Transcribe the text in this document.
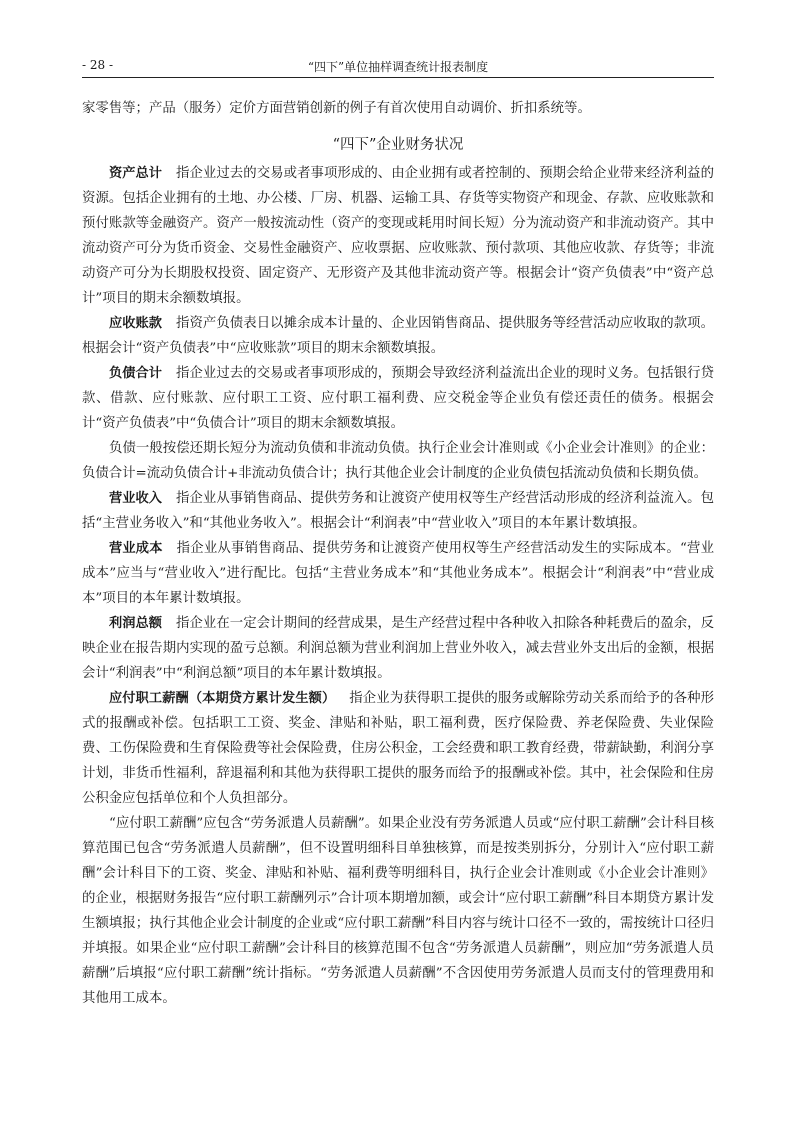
- 28 -	“四下”单位抽样调查统计报表制度

家零售等；产品（服务）定价方面营销创新的例子有首次使用自动调价、折扣系统等。

“四下”企业财务状况

资产总计 指企业过去的交易或者事项形成的、由企业拥有或者控制的、预期会给企业带来经济利益的资源。包括企业拥有的土地、办公楼、厂房、机器、运输工具、存货等实物资产和现金、存款、应收账款和预付账款等金融资产。资产一般按流动性（资产的变现或耗用时间长短）分为流动资产和非流动资产。其中流动资产可分为货币资金、交易性金融资产、应收票据、应收账款、预付款项、其他应收款、存货等；非流动资产可分为长期股权投资、固定资产、无形资产及其他非流动资产等。根据会计“资产负债表”中“资产总计”项目的期末余额数填报。

应收账款 指资产负债表日以摊余成本计量的、企业因销售商品、提供服务等经营活动应收取的款项。根据会计“资产负债表”中“应收账款”项目的期末余额数填报。

负债合计 指企业过去的交易或者事项形成的，预期会导致经济利益流出企业的现时义务。包括银行贷款、借款、应付账款、应付职工工资、应付职工福利费、应交税金等企业负有偿还责任的债务。根据会计“资产负债表”中“负债合计”项目的期末余额数填报。

负债一般按偿还期长短分为流动负债和非流动负债。执行企业会计准则或《小企业会计准则》的企业：负债合计=流动负债合计+非流动负债合计；执行其他企业会计制度的企业负债包括流动负债和长期负债。

营业收入 指企业从事销售商品、提供劳务和让渡资产使用权等生产经营活动形成的经济利益流入。包括“主营业务收入”和“其他业务收入”。根据会计“利润表”中“营业收入”项目的本年累计数填报。

营业成本 指企业从事销售商品、提供劳务和让渡资产使用权等生产经营活动发生的实际成本。“营业成本”应当与“营业收入”进行配比。包括“主营业务成本”和“其他业务成本”。根据会计“利润表”中“营业成本”项目的本年累计数填报。

利润总额 指企业在一定会计期间的经营成果，是生产经营过程中各种收入扣除各种耗费后的盈余，反映企业在报告期内实现的盈亏总额。利润总额为营业利润加上营业外收入，减去营业外支出后的金额，根据会计“利润表”中“利润总额”项目的本年累计数填报。

应付职工薪酬（本期贷方累计发生额） 指企业为获得职工提供的服务或解除劳动关系而给予的各种形式的报酬或补偿。包括职工工资、奖金、津贴和补贴，职工福利费，医疗保险费、养老保险费、失业保险费、工伤保险费和生育保险费等社会保险费，住房公积金，工会经费和职工教育经费，带薪缺勤，利润分享计划，非货币性福利，辞退福利和其他为获得职工提供的服务而给予的报酬或补偿。其中，社会保险和住房公积金应包括单位和个人负担部分。

“应付职工薪酬”应包含“劳务派遣人员薪酬”。如果企业没有劳务派遣人员或“应付职工薪酬”会计科目核算范围已包含“劳务派遣人员薪酬”，但不设置明细科目单独核算，而是按类别拆分，分别计入“应付职工薪酬”会计科目下的工资、奖金、津贴和补贴、福利费等明细科目，执行企业会计准则或《小企业会计准则》的企业，根据财务报告“应付职工薪酬列示”合计项本期增加额，或会计“应付职工薪酬”科目本期贷方累计发生额填报；执行其他企业会计制度的企业或“应付职工薪酬”科目内容与统计口径不一致的，需按统计口径归并填报。如果企业“应付职工薪酬”会计科目的核算范围不包含“劳务派遣人员薪酬”，则应加“劳务派遣人员薪酬”后填报“应付职工薪酬”统计指标。“劳务派遣人员薪酬”不含因使用劳务派遣人员而支付的管理费用和其他用工成本。
